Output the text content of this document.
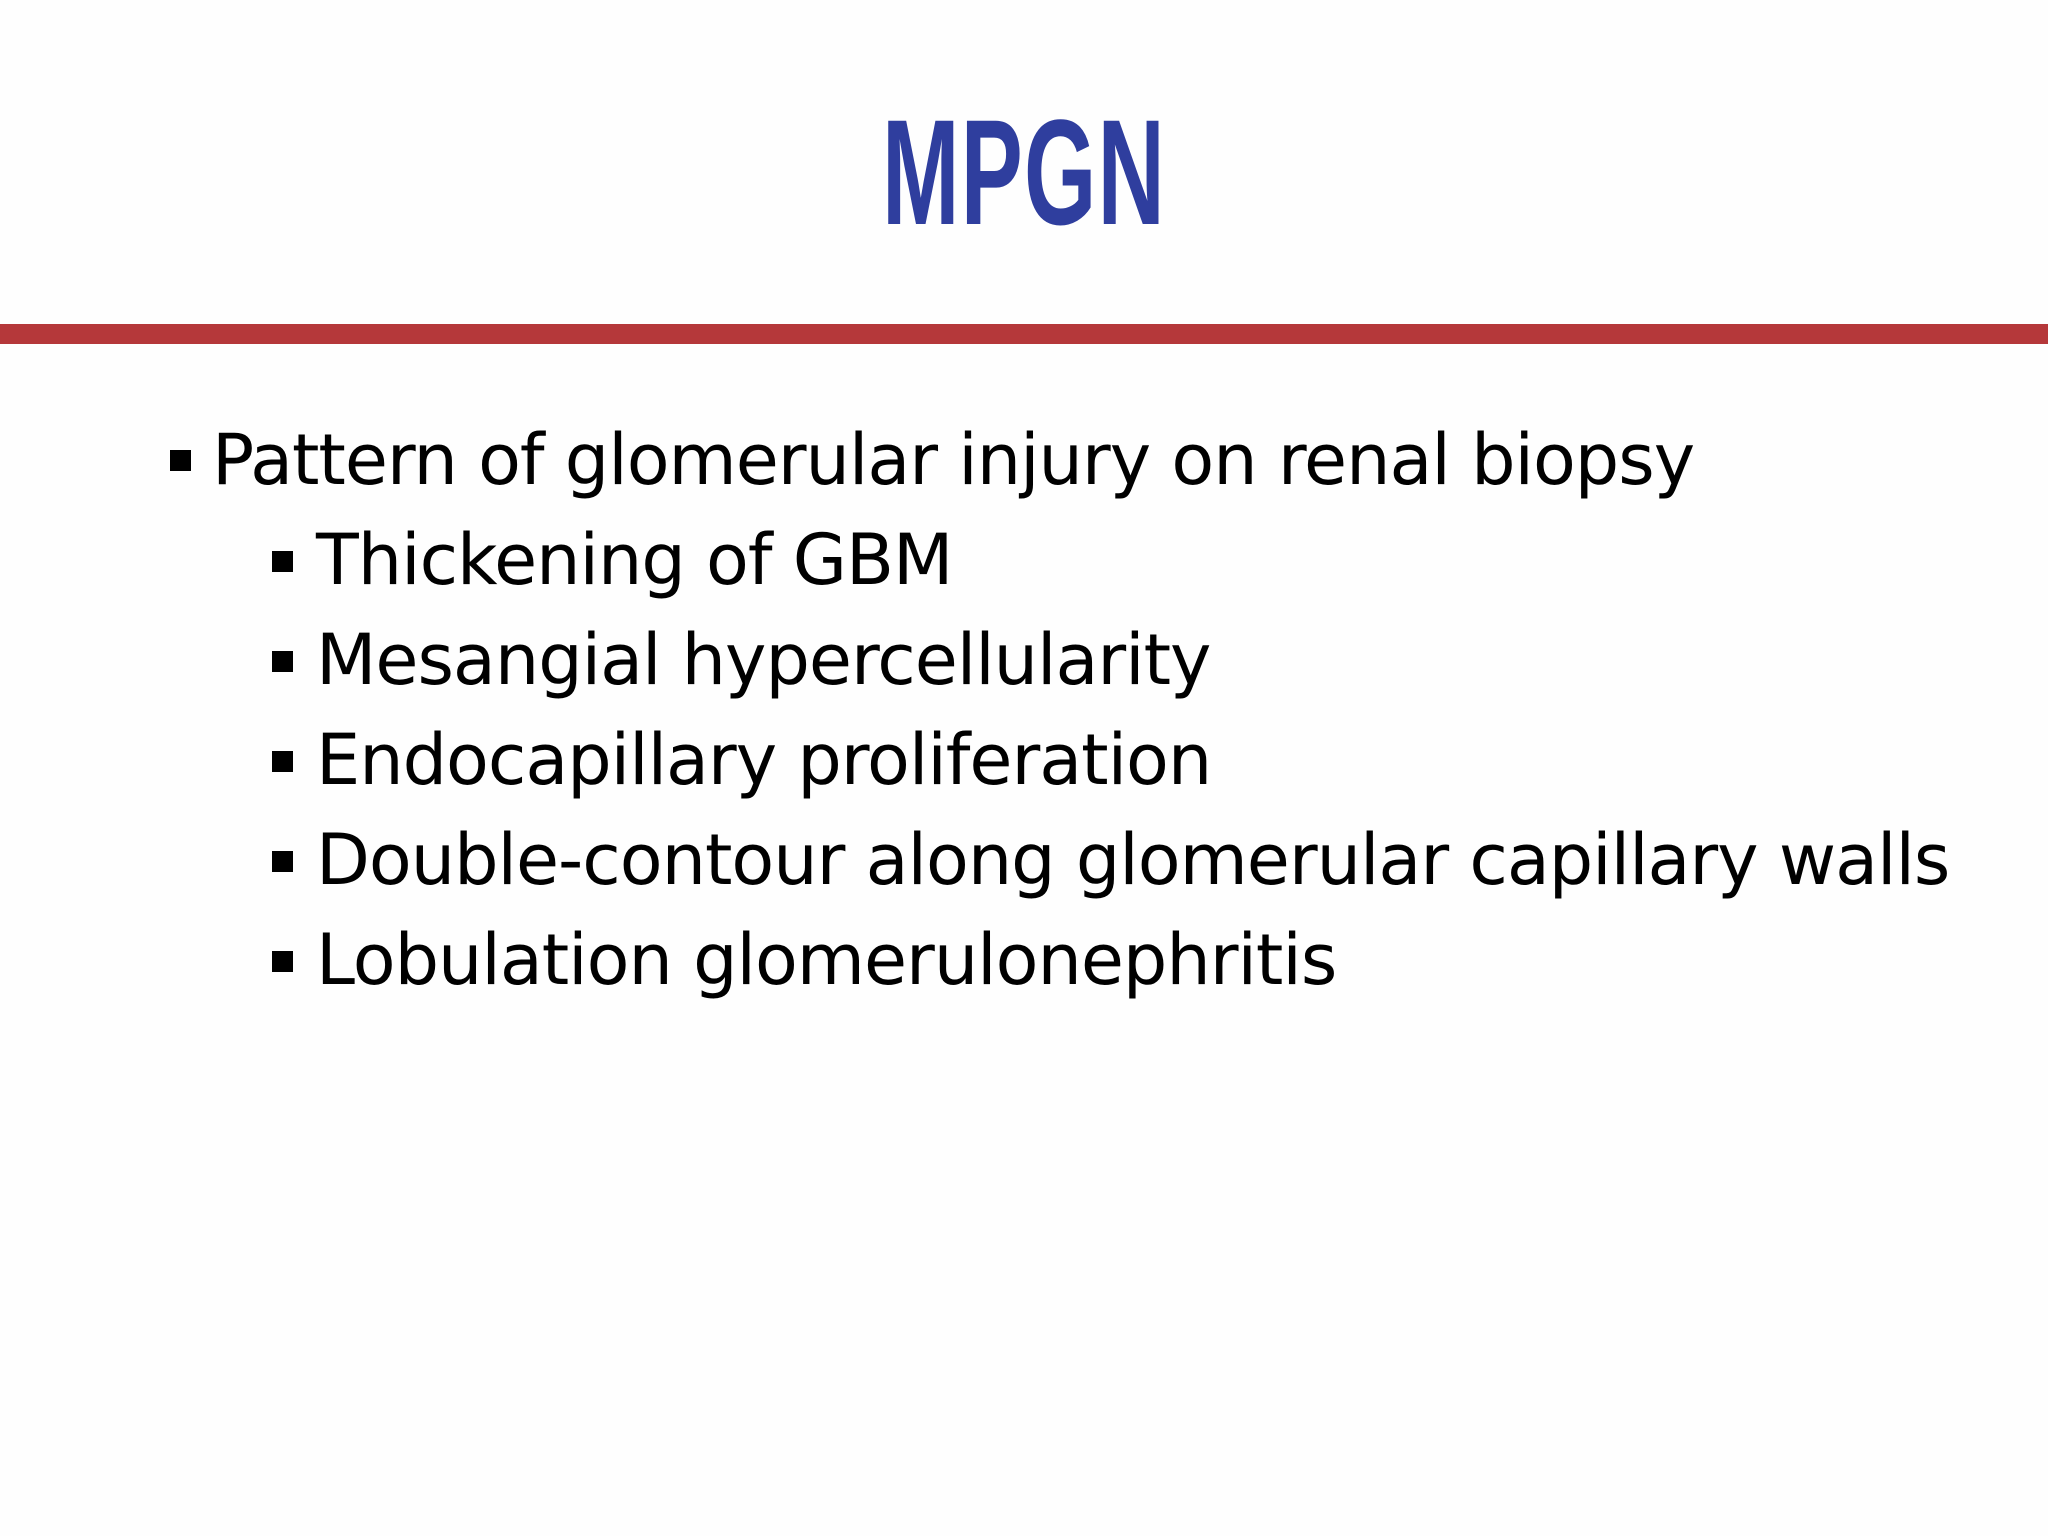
MPGN
Pattern of glomerular injury on renal biopsy
Thickening of GBM
Mesangial hypercellularity
Endocapillary proliferation
Double-contour along glomerular capillary walls
Lobulation glomerulonephritis
